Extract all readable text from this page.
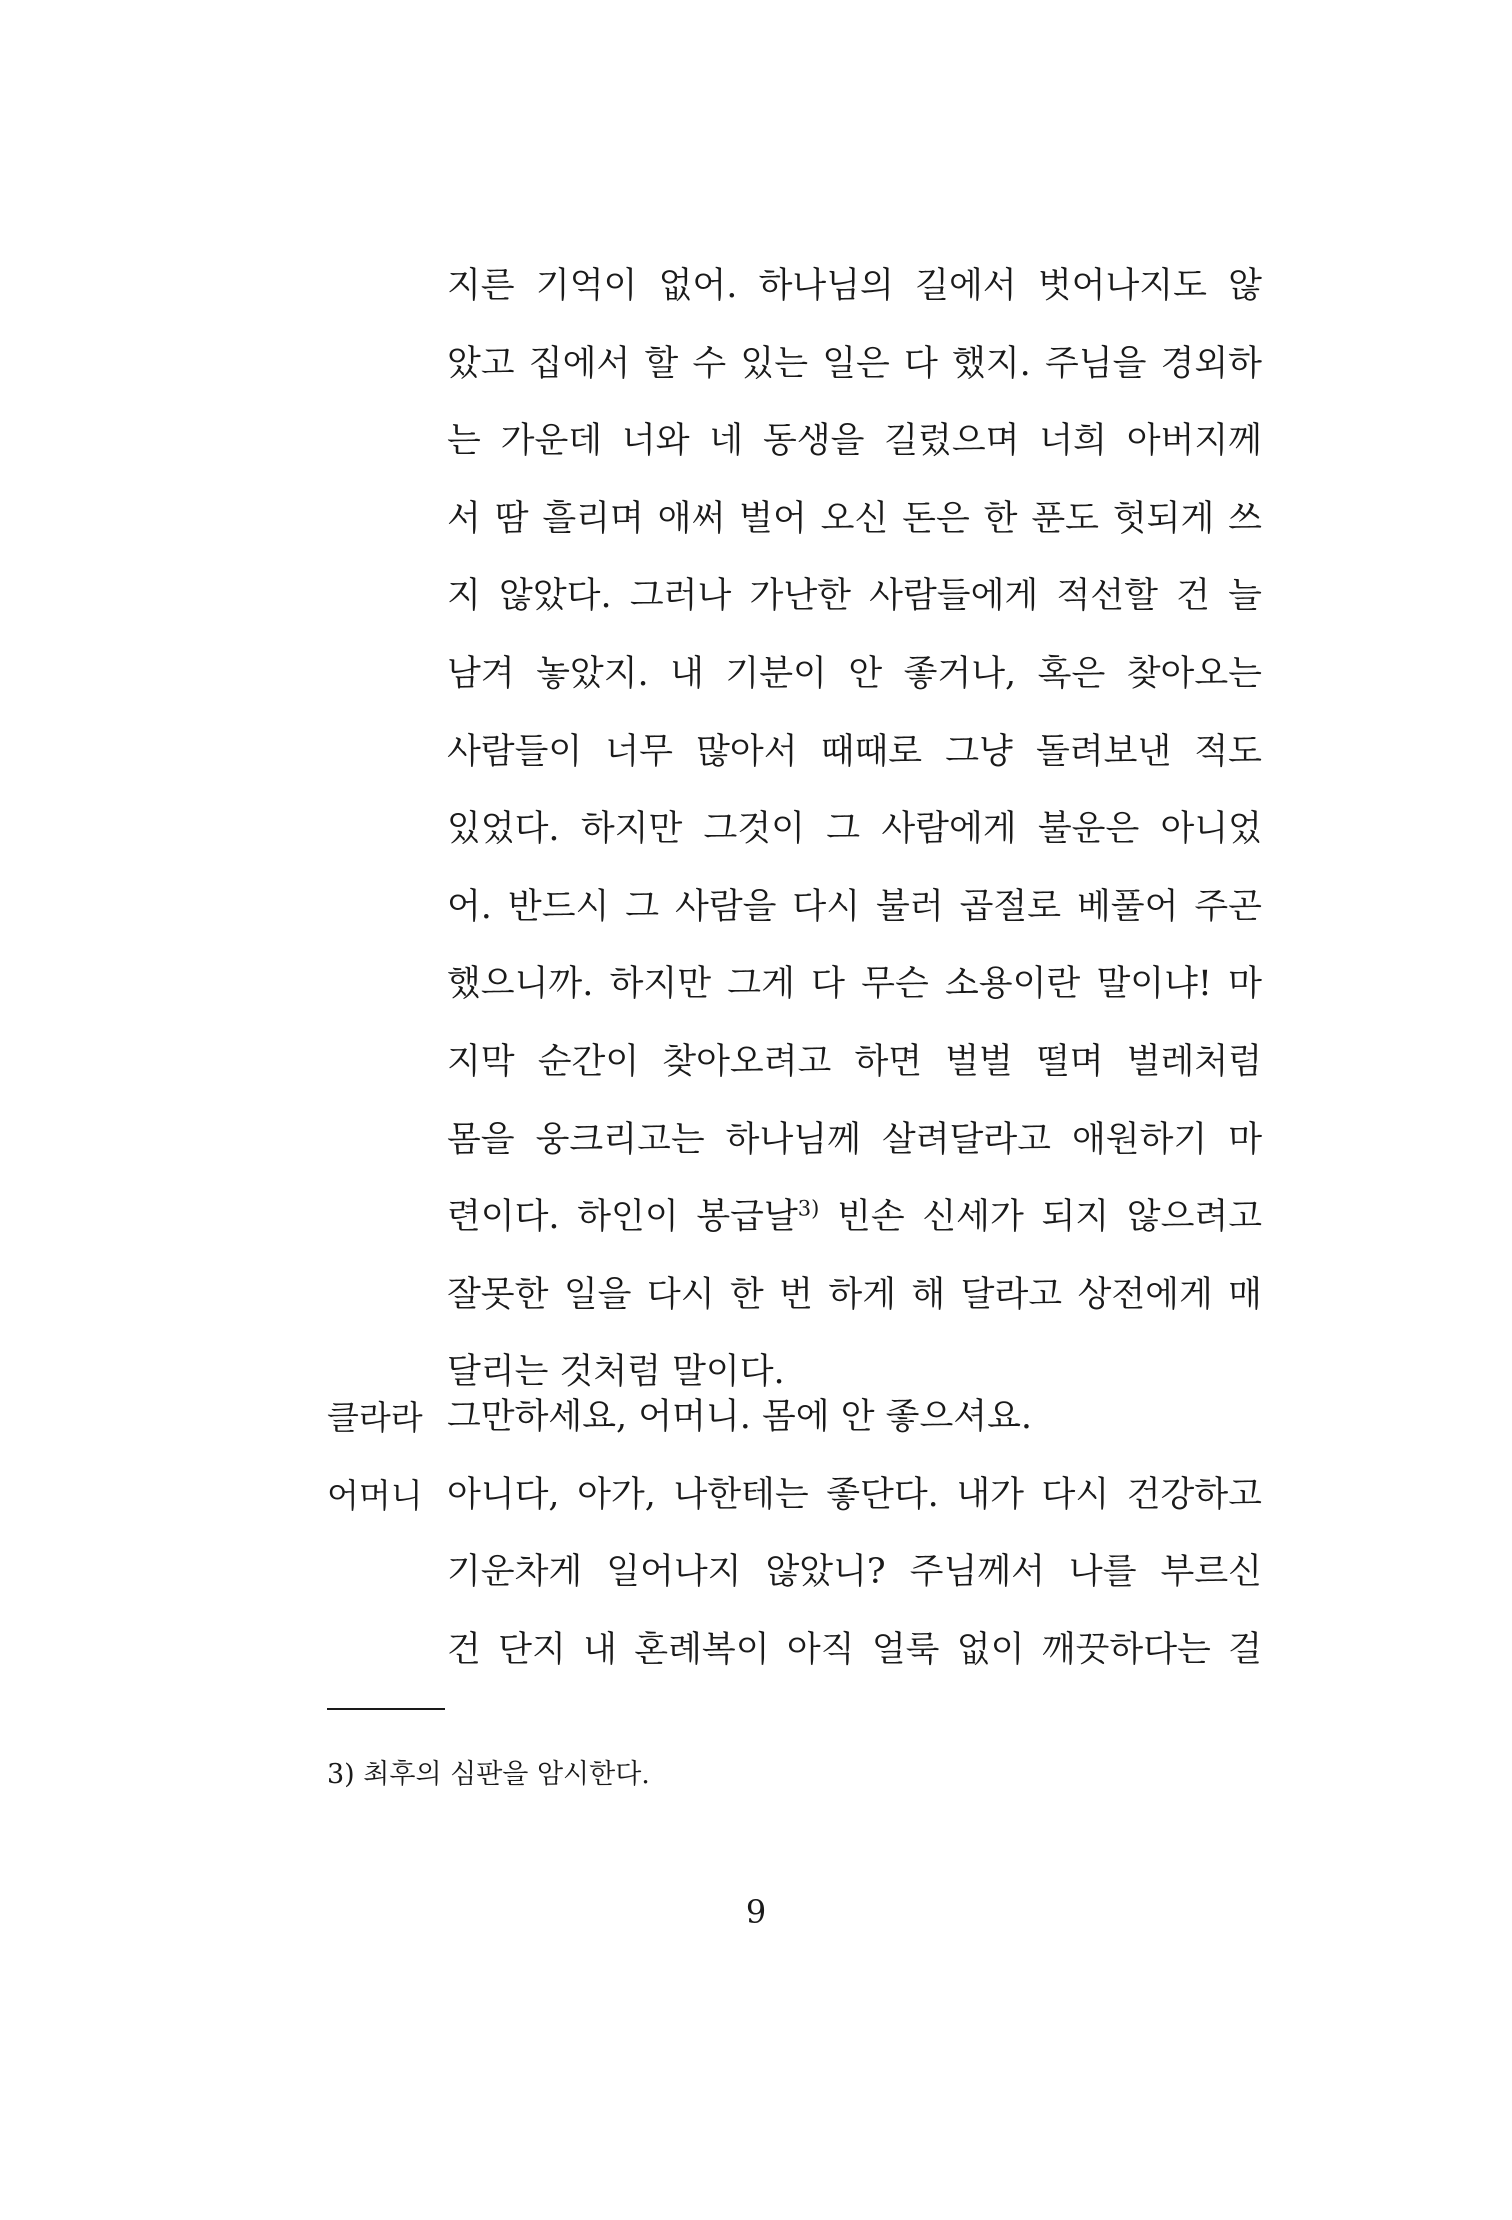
지른 기억이 없어. 하나님의 길에서 벗어나지도 않
았고 집에서 할 수 있는 일은 다 했지. 주님을 경외하
는 가운데 너와 네 동생을 길렀으며 너희 아버지께
서 땀 흘리며 애써 벌어 오신 돈은 한 푼도 헛되게 쓰
지 않았다. 그러나 가난한 사람들에게 적선할 건 늘
남겨 놓았지. 내 기분이 안 좋거나, 혹은 찾아오는
사람들이 너무 많아서 때때로 그냥 돌려보낸 적도
있었다. 하지만 그것이 그 사람에게 불운은 아니었
어. 반드시 그 사람을 다시 불러 곱절로 베풀어 주곤
했으니까. 하지만 그게 다 무슨 소용이란 말이냐! 마
지막 순간이 찾아오려고 하면 벌벌 떨며 벌레처럼
몸을 웅크리고는 하나님께 살려달라고 애원하기 마
련이다. 하인이 봉급날$^{3)}$ 빈손 신세가 되지 않으려고
잘못한 일을 다시 한 번 하게 해 달라고 상전에게 매
달리는 것처럼 말이다.
클라라 그만하세요, 어머니. 몸에 안 좋으셔요.
어머니 아니다, 아가, 나한테는 좋단다. 내가 다시 건강하고
기운차게 일어나지 않았니? 주님께서 나를 부르신
건 단지 내 혼례복이 아직 얼룩 없이 깨끗하다는 걸
3) 최후의 심판을 암시한다.
9
